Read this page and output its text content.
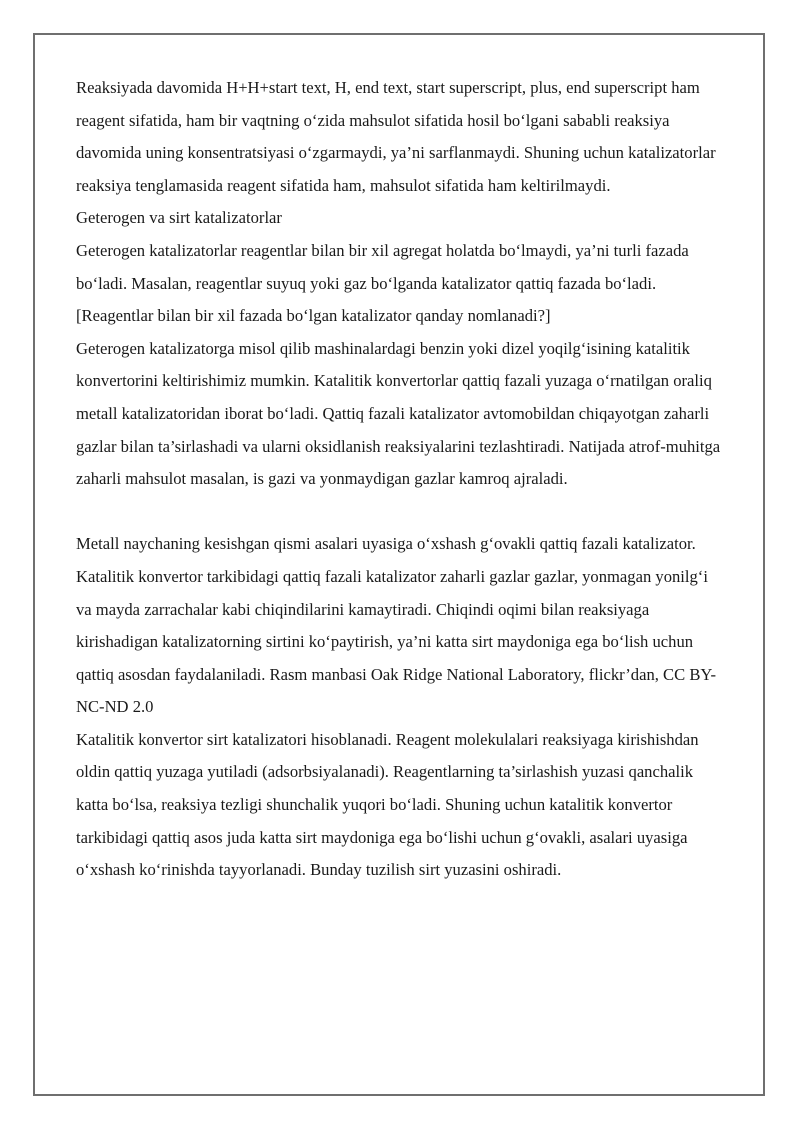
Reaksiyada davomida H+H+start text, H, end text, start superscript, plus, end superscript ham reagent sifatida, ham bir vaqtning o‘zida mahsulot sifatida hosil bo‘lgani sababli reaksiya davomida uning konsentratsiyasi o‘zgarmaydi, ya’ni sarflanmaydi. Shuning uchun katalizatorlar reaksiya tenglamasida reagent sifatida ham, mahsulot sifatida ham keltirilmaydi.

Geterogen va sirt katalizatorlar

Geterogen katalizatorlar reagentlar bilan bir xil agregat holatda bo‘lmaydi, ya’ni turli fazada bo‘ladi. Masalan, reagentlar suyuq yoki gaz bo‘lganda katalizator qattiq fazada bo‘ladi.

[Reagentlar bilan bir xil fazada bo‘lgan katalizator qanday nomlanadi?]

Geterogen katalizatorga misol qilib mashinalardagi benzin yoki dizel yoqilg‘isining katalitik konvertorini keltirishimiz mumkin. Katalitik konvertorlar qattiq fazali yuzaga o‘rnatilgan oraliq metall katalizatoridan iborat bo‘ladi. Qattiq fazali katalizator avtomobildan chiqayotgan zaharli gazlar bilan ta’sirlashadi va ularni oksidlanish reaksiyalarini tezlashtiradi. Natijada atrof-muhitga zaharli mahsulot masalan, is gazi va yonmaydigan gazlar kamroq ajraladi.

Metall naychaning kesishgan qismi asalari uyasiga o‘xshash g‘ovakli qattiq fazali katalizator.

Katalitik konvertor tarkibidagi qattiq fazali katalizator zaharli gazlar gazlar, yonmagan yonilg‘i va mayda zarrachalar kabi chiqindilarini kamaytiradi. Chiqindi oqimi bilan reaksiyaga kirishadigan katalizatorning sirtini ko‘paytirish, ya’ni katta sirt maydoniga ega bo‘lish uchun qattiq asosdan faydalaniladi. Rasm manbasi Oak Ridge National Laboratory, flickr’dan, CC BY-NC-ND 2.0

Katalitik konvertor sirt katalizatori hisoblanadi. Reagent molekulalari reaksiyaga kirishishdan oldin qattiq yuzaga yutiladi (adsorbsiyalanadi). Reagentlarning ta’sirlashish yuzasi qanchalik katta bo‘lsa, reaksiya tezligi shunchalik yuqori bo‘ladi. Shuning uchun katalitik konvertor tarkibidagi qattiq asos juda katta sirt maydoniga ega bo‘lishi uchun g‘ovakli, asalari uyasiga o‘xshash ko‘rinishda tayyorlanadi. Bunday tuzilish sirt yuzasini oshiradi.
